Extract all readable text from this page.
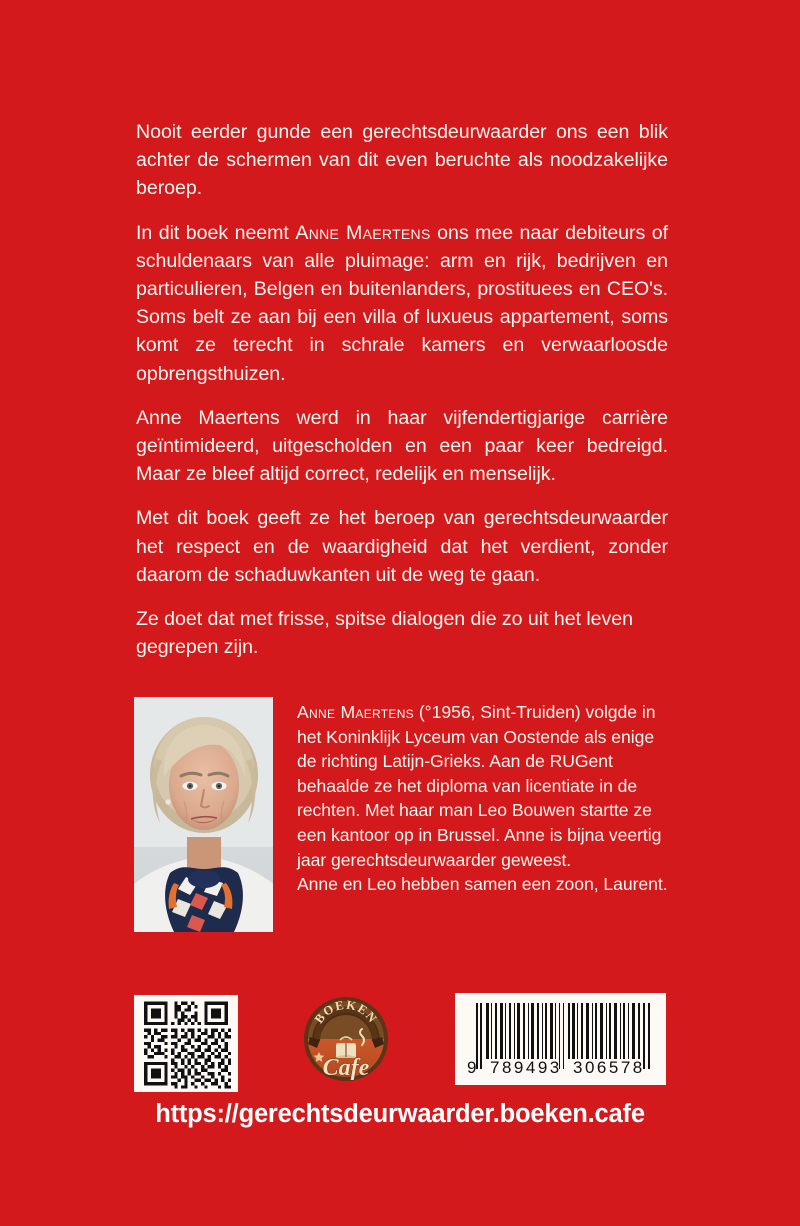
Nooit eerder gunde een gerechtsdeurwaarder ons een blik achter de schermen van dit even beruchte als noodzakelijke beroep.

In dit boek neemt Anne Maertens ons mee naar debiteurs of schuldenaars van alle pluimage: arm en rijk, bedrijven en particulieren, Belgen en buitenlanders, prostituees en CEO's. Soms belt ze aan bij een villa of luxueus appartement, soms komt ze terecht in schrale kamers en verwaarloosde opbrengsthuizen.

Anne Maertens werd in haar vijfendertigjarige carrière geïntimideerd, uitgescholden en een paar keer bedreigd. Maar ze bleef altijd correct, redelijk en menselijk.

Met dit boek geeft ze het beroep van gerechtsdeurwaarder het respect en de waardigheid dat het verdient, zonder daarom de schaduwkanten uit de weg te gaan.

Ze doet dat met frisse, spitse dialogen die zo uit het leven gegrepen zijn.

Anne Maertens (°1956, Sint-Truiden) volgde in het Koninklijk Lyceum van Oostende als enige de richting Latijn-Grieks. Aan de RUGent behaalde ze het diploma van licentiate in de rechten. Met haar man Leo Bouwen startte ze een kantoor op in Brussel. Anne is bijna veertig jaar gerechtsdeurwaarder geweest.
Anne en Leo hebben samen een zoon, Laurent.
BOEKEN
Cafe	9 789493 306578
https://gerechtsdeurwaarder.boeken.cafe
